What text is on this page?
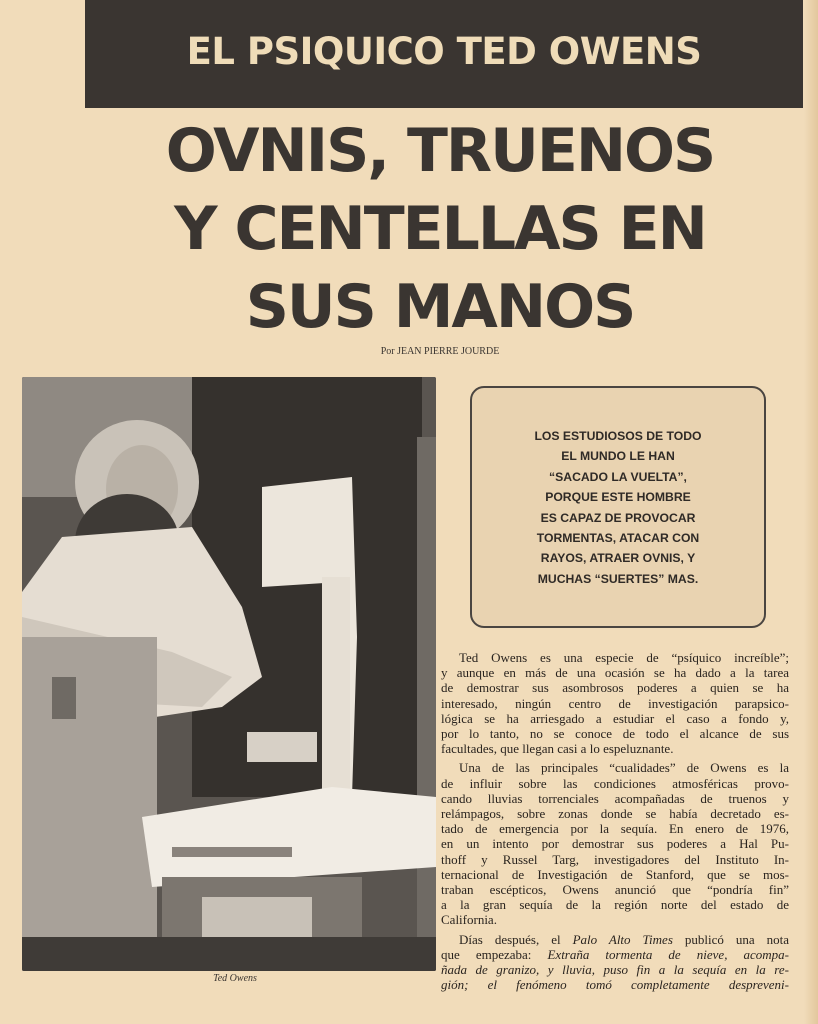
EL PSIQUICO TED OWENS
OVNIS, TRUENOS
Y CENTELLAS EN
SUS MANOS
Por JEAN PIERRE JOURDE
Ted Owens
LOS ESTUDIOSOS DE TODO
EL MUNDO LE HAN
“SACADO LA VUELTA”,
PORQUE ESTE HOMBRE
ES CAPAZ DE PROVOCAR
TORMENTAS, ATACAR CON
RAYOS, ATRAER OVNIS, Y
MUCHAS “SUERTES” MAS.

Ted Owens es una especie de “psíquico increíble”;
y aunque en más de una ocasión se ha dado a la tarea
de demostrar sus asombrosos poderes a quien se ha
interesado, ningún centro de investigación parapsico-
lógica se ha arriesgado a estudiar el caso a fondo y,
por lo tanto, no se conoce de todo el alcance de sus
facultades, que llegan casi a lo espeluznante.

Una de las principales “cualidades” de Owens es la
de influir sobre las condiciones atmosféricas provo-
cando lluvias torrenciales acompañadas de truenos y
relámpagos, sobre zonas donde se había decretado es-
tado de emergencia por la sequía. En enero de 1976,
en un intento por demostrar sus poderes a Hal Pu-
thoff y Russel Targ, investigadores del Instituto In-
ternacional de Investigación de Stanford, que se mos-
traban escépticos, Owens anunció que “pondría fin”
a la gran sequía de la región norte del estado de
California.

Días después, el Palo Alto Times publicó una nota
que empezaba: Extraña tormenta de nieve, acompa-
ñada de granizo, y lluvia, puso fin a la sequía en la re-
gión; el fenómeno tomó completamente despreveni-
